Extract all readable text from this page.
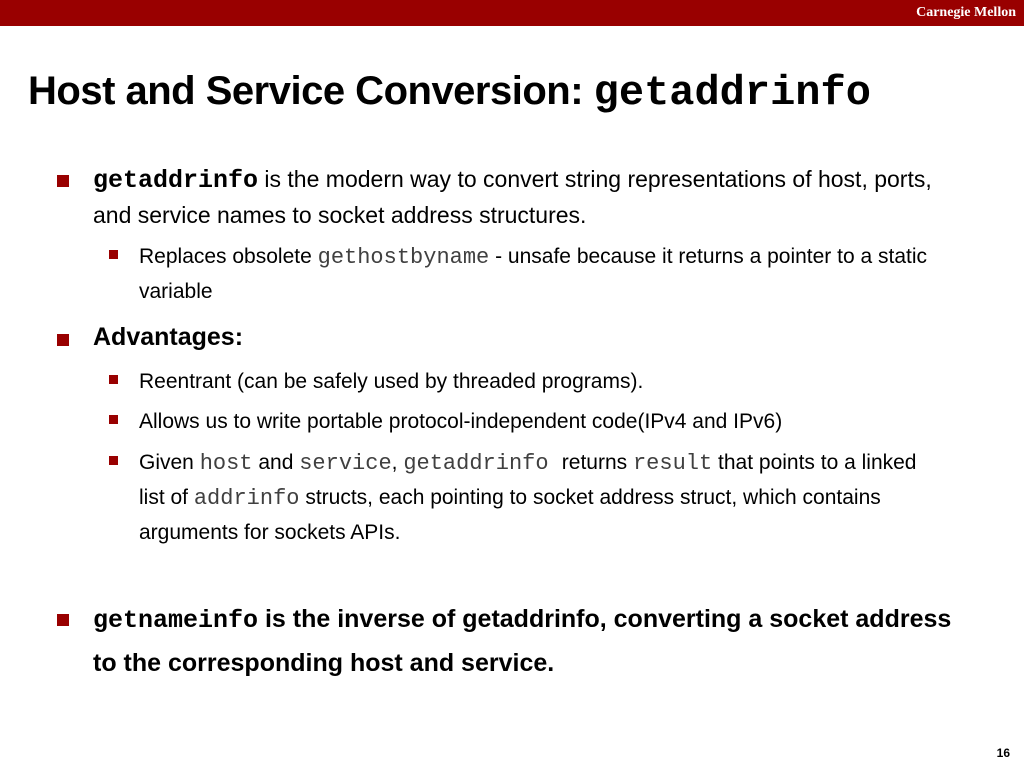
Carnegie Mellon
Host and Service Conversion: getaddrinfo
getaddrinfo is the modern way to convert string representations of host, ports, and service names to socket address structures.
Replaces obsolete gethostbyname - unsafe because it returns a pointer to a static variable
Advantages:
Reentrant (can be safely used by threaded programs).
Allows us to write portable protocol-independent code(IPv4 and IPv6)
Given host and service, getaddrinfo returns result that points to a linked list of addrinfo structs, each pointing to socket address struct, which contains arguments for sockets APIs.
getnameinfo is the inverse of getaddrinfo, converting a socket address to the corresponding host and service.
16
